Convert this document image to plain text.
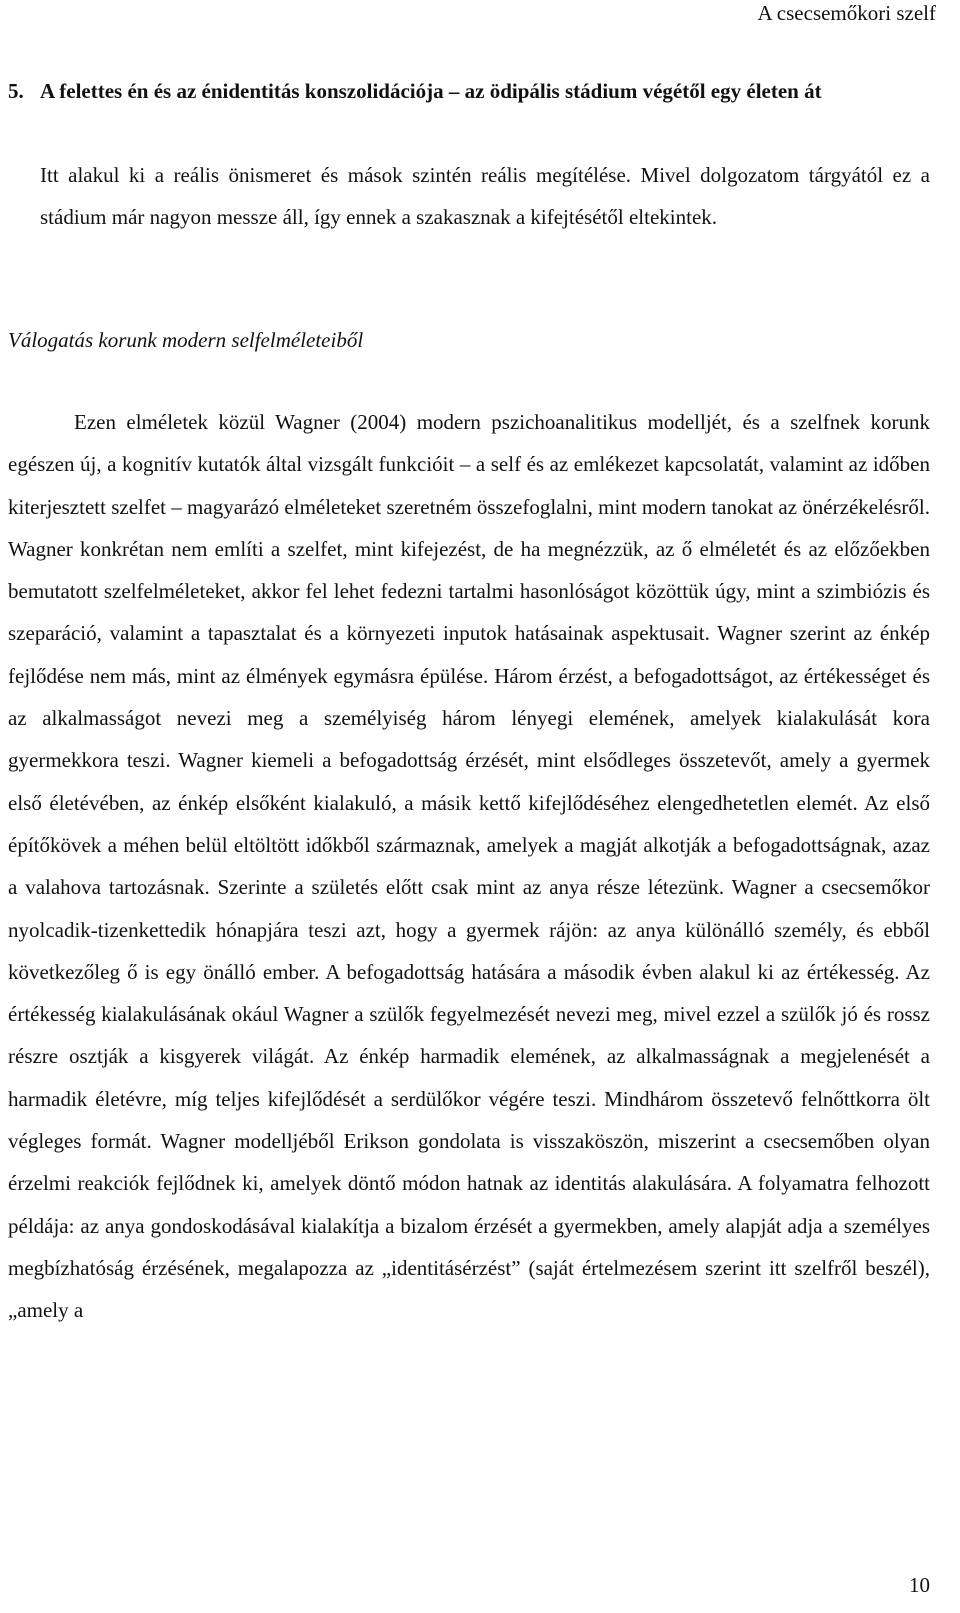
A csecsemőkori szelf
5. A felettes én és az énidentitás konszolidációja – az ödipális stádium végétől egy életen át
Itt alakul ki a reális önismeret és mások szintén reális megítélése. Mivel dolgozatom tárgyától ez a stádium már nagyon messze áll, így ennek a szakasznak a kifejtésétől eltekintek.
Válogatás korunk modern selfelméleteiből
Ezen elméletek közül Wagner (2004) modern pszichoanalitikus modelljét, és a szelfnek korunk egészen új, a kognitív kutatók által vizsgált funkcióit – a self és az emlékezet kapcsolatát, valamint az időben kiterjesztett szelfet – magyarázó elméleteket szeretném összefoglalni, mint modern tanokat az önérzékelésről. Wagner konkrétan nem említi a szelfet, mint kifejezést, de ha megnézzük, az ő elméletét és az előzőekben bemutatott szelfelméleteket, akkor fel lehet fedezni tartalmi hasonlóságot közöttük úgy, mint a szimbiózis és szeparáció, valamint a tapasztalat és a környezeti inputok hatásainak aspektusait. Wagner szerint az énkép fejlődése nem más, mint az élmények egymásra épülése. Három érzést, a befogadottságot, az értékességet és az alkalmasságot nevezi meg a személyiség három lényegi elemének, amelyek kialakulását kora gyermekkora teszi. Wagner kiemeli a befogadottság érzését, mint elsődleges összetevőt, amely a gyermek első életévében, az énkép elsőként kialakuló, a másik kettő kifejlődéséhez elengedhetetlen elemét. Az első építőkövek a méhen belül eltöltött időkből származnak, amelyek a magját alkotják a befogadottságnak, azaz a valahova tartozásnak. Szerinte a születés előtt csak mint az anya része létezünk. Wagner a csecsemőkor nyolcadik-tizenkettedik hónapjára teszi azt, hogy a gyermek rájön: az anya különálló személy, és ebből következőleg ő is egy önálló ember. A befogadottság hatására a második évben alakul ki az értékesség. Az értékesség kialakulásának okául Wagner a szülők fegyelmezését nevezi meg, mivel ezzel a szülők jó és rossz részre osztják a kisgyerek világát. Az énkép harmadik elemének, az alkalmasságnak a megjelenését a harmadik életévre, míg teljes kifejlődését a serdülőkor végére teszi. Mindhárom összetevő felnőttkorra ölt végleges formát. Wagner modelljéből Erikson gondolata is visszaköszön, miszerint a csecsemőben olyan érzelmi reakciók fejlődnek ki, amelyek döntő módon hatnak az identitás alakulására. A folyamatra felhozott példája: az anya gondoskodásával kialakítja a bizalom érzését a gyermekben, amely alapját adja a személyes megbízhatóság érzésének, megalapozza az „identitásérzést” (saját értelmezésem szerint itt szelfről beszél), „amely a
10
